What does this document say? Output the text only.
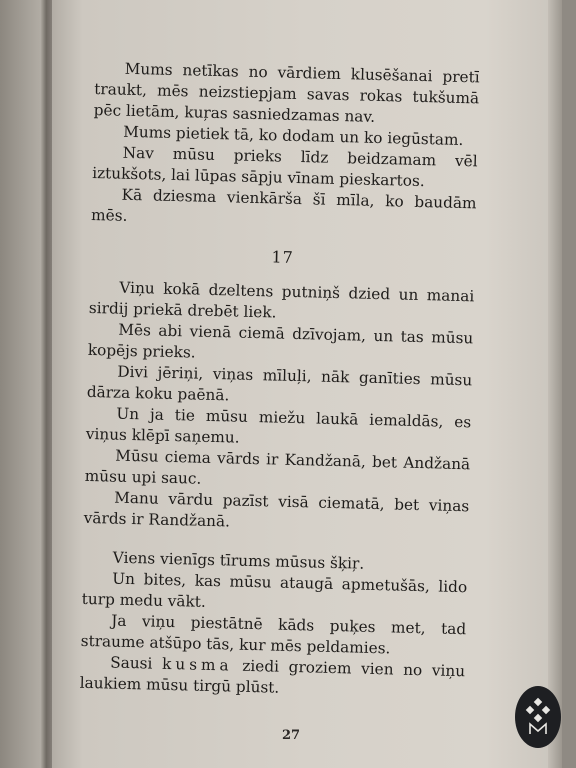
Mums netīkas no vārdiem klusēšanai pretī traukt, mēs neizstiepjam savas rokas tukšumā pēc lietām, kuŗas sasniedzamas nav.

Mums pietiek tā, ko dodam un ko iegūstam.

Nav mūsu prieks līdz beidzamam vēl iztukšots, lai lūpas sāpju vīnam pieskartos.

Kā dziesma vienkārša šī mīla, ko baudām mēs.

17

Viņu kokā dzeltens putniņš dzied un manai sirdij priekā drebēt liek.

Mēs abi vienā ciemā dzīvojam, un tas mūsu kopējs prieks.

Divi jēriņi, viņas mīluļi, nāk ganīties mūsu dārza koku paēnā.

Un ja tie mūsu miežu laukā iemaldās, es viņus klēpī saņemu.

Mūsu ciema vārds ir Kandžanā, bet Andžanā mūsu upi sauc.

Manu vārdu pazīst visā ciematā, bet viņas vārds ir Randžanā.

Viens vienīgs tīrums mūsus šķiŗ.

Un bites, kas mūsu ataugā apmetušās, lido turp medu vākt.

Ja viņu piestātnē kāds puķes met, tad straume atšūpo tās, kur mēs peldamies.

Sausi kusma ziedi groziem vien no viņu laukiem mūsu tirgū plūst.

27
